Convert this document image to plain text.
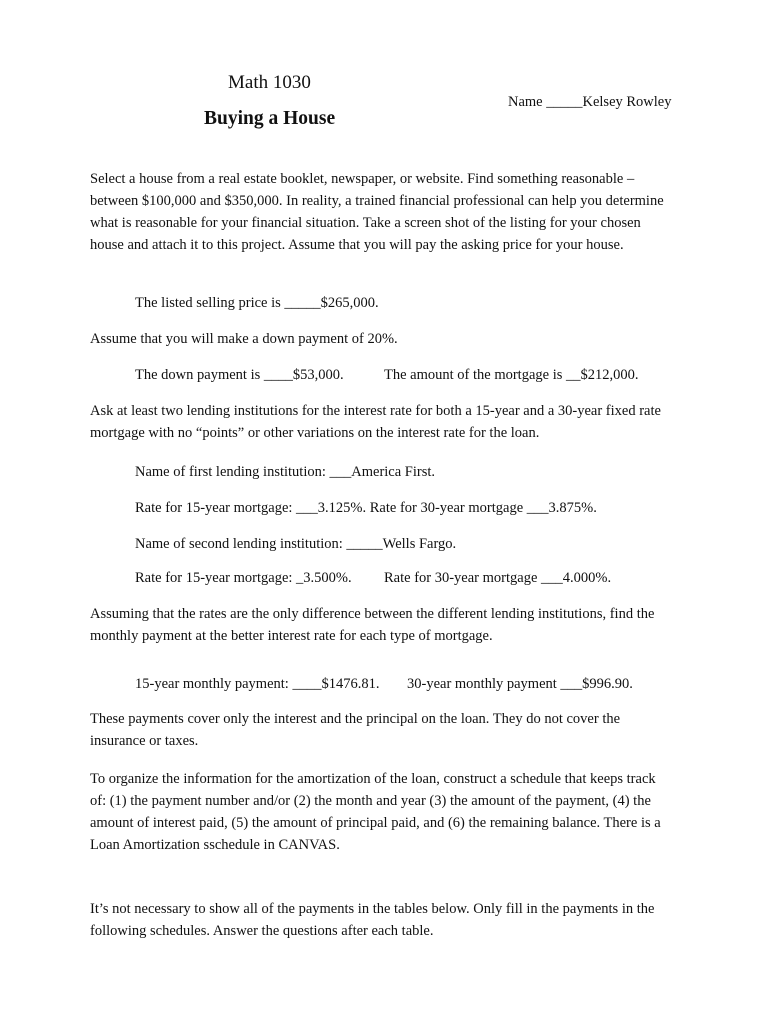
Math 1030

Buying a House

Name _____Kelsey Rowley

Select a house from a real estate booklet, newspaper, or website. Find something reasonable – between $100,000 and $350,000. In reality, a trained financial professional can help you determine what is reasonable for your financial situation. Take a screen shot of the listing for your chosen house and attach it to this project. Assume that you will pay the asking price for your house.

The listed selling price is _____$265,000.

Assume that you will make a down payment of 20%.

The down payment is ____$53,000.	The amount of the mortgage is __$212,000.

Ask at least two lending institutions for the interest rate for both a 15-year and a 30-year fixed rate mortgage with no “points” or other variations on the interest rate for the loan.

Name of first lending institution: ___America First.

Rate for 15-year mortgage: ___3.125%. Rate for 30-year mortgage ___3.875%.

Name of second lending institution: _____Wells Fargo.

Rate for 15-year mortgage: _3.500%. Rate for 30-year mortgage ___4.000%.

Assuming that the rates are the only difference between the different lending institutions, find the monthly payment at the better interest rate for each type of mortgage.

15-year monthly payment: ____$1476.81. 30-year monthly payment ___$996.90.

These payments cover only the interest and the principal on the loan. They do not cover the insurance or taxes.

To organize the information for the amortization of the loan, construct a schedule that keeps track of: (1) the payment number and/or (2) the month and year (3) the amount of the payment, (4) the amount of interest paid, (5) the amount of principal paid, and (6) the remaining balance. There is a Loan Amortization sschedule in CANVAS.

It’s not necessary to show all of the payments in the tables below. Only fill in the payments in the following schedules. Answer the questions after each table.
